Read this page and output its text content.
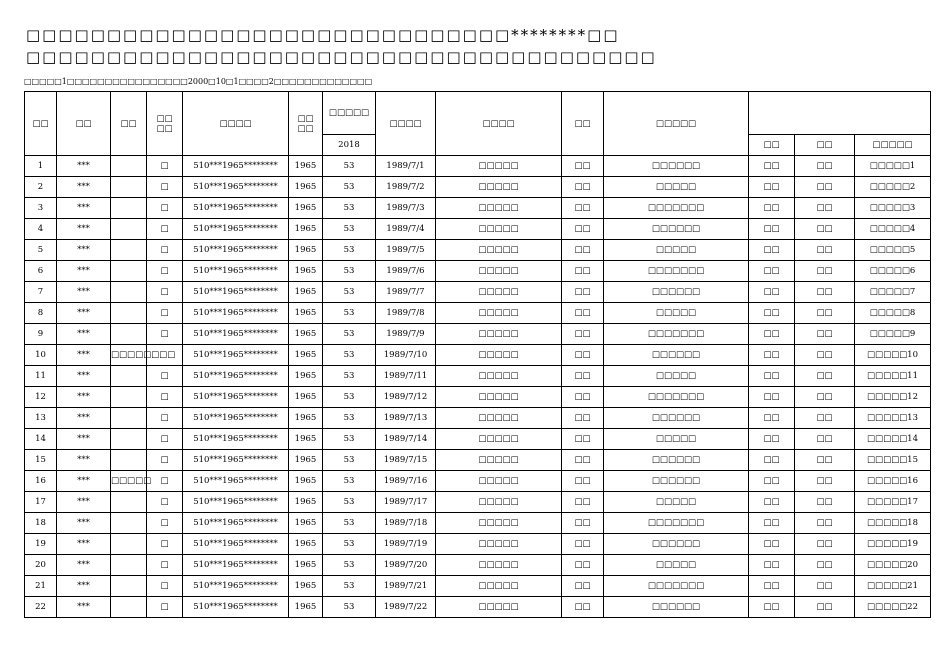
□□□□□□□□□□□□□□□□□□□□□□□□□□□□□□********□□
□□□□□□□□□□□□□□□□□□□□□□□□□□□□□□□□□□□□□□□
□□□□□1□□□□□□□□□□□□□□□□2000□10□1□□□□2□□□□□□□□□□□□□
□□	□□	□□	□□
□□	□□□□	□□
□□	□□□□□	□□□□	□□□□	□□	□□□□□			
						2018					□□	□□	□□□□□
1	***		□	510***1965********	1965	53	1989/7/1	□□□□□	□□	□□□□□□	□□	□□	□□□□□1
2	***		□	510***1965********	1965	53	1989/7/2	□□□□□	□□	□□□□□	□□	□□	□□□□□2
3	***		□	510***1965********	1965	53	1989/7/3	□□□□□	□□	□□□□□□□	□□	□□	□□□□□3
4	***		□	510***1965********	1965	53	1989/7/4	□□□□□	□□	□□□□□□	□□	□□	□□□□□4
5	***		□	510***1965********	1965	53	1989/7/5	□□□□□	□□	□□□□□	□□	□□	□□□□□5
6	***		□	510***1965********	1965	53	1989/7/6	□□□□□	□□	□□□□□□□	□□	□□	□□□□□6
7	***		□	510***1965********	1965	53	1989/7/7	□□□□□	□□	□□□□□□	□□	□□	□□□□□7
8	***		□	510***1965********	1965	53	1989/7/8	□□□□□	□□	□□□□□	□□	□□	□□□□□8
9	***		□	510***1965********	1965	53	1989/7/9	□□□□□	□□	□□□□□□□	□□	□□	□□□□□9
10	***	□□□□□□□□		510***1965********	1965	53	1989/7/10	□□□□□	□□	□□□□□□	□□	□□	□□□□□10
11	***		□	510***1965********	1965	53	1989/7/11	□□□□□	□□	□□□□□	□□	□□	□□□□□11
12	***		□	510***1965********	1965	53	1989/7/12	□□□□□	□□	□□□□□□□	□□	□□	□□□□□12
13	***		□	510***1965********	1965	53	1989/7/13	□□□□□	□□	□□□□□□	□□	□□	□□□□□13
14	***		□	510***1965********	1965	53	1989/7/14	□□□□□	□□	□□□□□	□□	□□	□□□□□14
15	***		□	510***1965********	1965	53	1989/7/15	□□□□□	□□	□□□□□□	□□	□□	□□□□□15
16	***	□□□□□	□	510***1965********	1965	53	1989/7/16	□□□□□	□□	□□□□□□	□□	□□	□□□□□16
17	***		□	510***1965********	1965	53	1989/7/17	□□□□□	□□	□□□□□	□□	□□	□□□□□17
18	***		□	510***1965********	1965	53	1989/7/18	□□□□□	□□	□□□□□□□	□□	□□	□□□□□18
19	***		□	510***1965********	1965	53	1989/7/19	□□□□□	□□	□□□□□□	□□	□□	□□□□□19
20	***		□	510***1965********	1965	53	1989/7/20	□□□□□	□□	□□□□□	□□	□□	□□□□□20
21	***		□	510***1965********	1965	53	1989/7/21	□□□□□	□□	□□□□□□□	□□	□□	□□□□□21
22	***		□	510***1965********	1965	53	1989/7/22	□□□□□	□□	□□□□□□	□□	□□	□□□□□22
